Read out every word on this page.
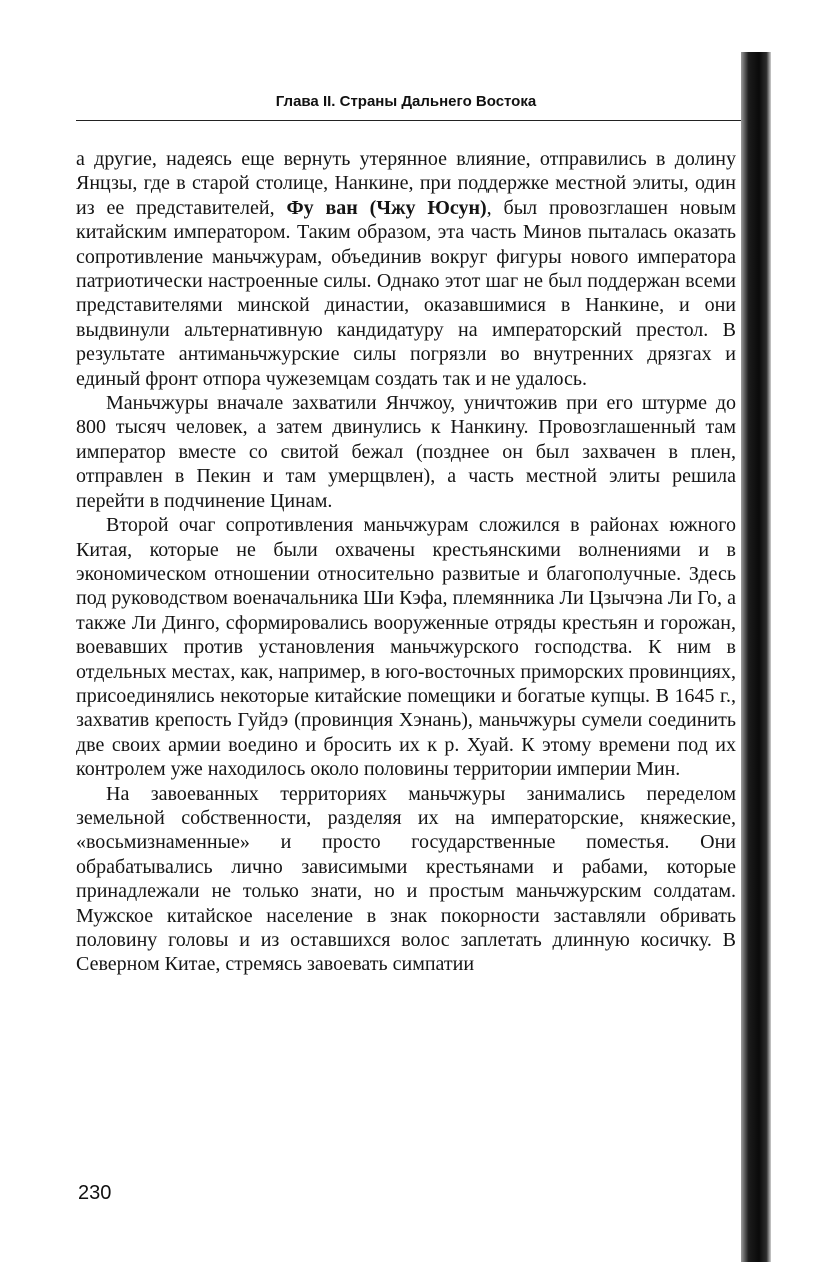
Глава II. Страны Дальнего Востока

а другие, надеясь еще вернуть утерянное влияние, отправились в долину Янцзы, где в старой столице, Нанкине, при поддержке местной элиты, один из ее представителей, Фу ван (Чжу Юсун), был провозглашен новым китайским императором. Таким образом, эта часть Минов пыталась оказать сопротивление маньчжурам, объединив вокруг фигуры нового императора патриотически настроенные силы. Однако этот шаг не был поддержан всеми представителями минской династии, оказавшимися в Нанкине, и они выдвинули альтернативную кандидатуру на императорский престол. В результате антиманьчжурские силы погрязли во внутренних дрязгах и единый фронт отпора чужеземцам создать так и не удалось.

Маньчжуры вначале захватили Янчжоу, уничтожив при его штурме до 800 тысяч человек, а затем двинулись к Нанкину. Провозглашенный там император вместе со свитой бежал (позднее он был захвачен в плен, отправлен в Пекин и там умерщвлен), а часть местной элиты решила перейти в подчинение Цинам.

Второй очаг сопротивления маньчжурам сложился в районах южного Китая, которые не были охвачены крестьянскими волнениями и в экономическом отношении относительно развитые и благополучные. Здесь под руководством военачальника Ши Кэфа, племянника Ли Цзычэна Ли Го, а также Ли Динго, сформировались вооруженные отряды крестьян и горожан, воевавших против установления маньчжурского господства. К ним в отдельных местах, как, например, в юго-восточных приморских провинциях, присоединялись некоторые китайские помещики и богатые купцы. В 1645 г., захватив крепость Гуйдэ (провинция Хэнань), маньчжуры сумели соединить две своих армии воедино и бросить их к р. Хуай. К этому времени под их контролем уже находилось около половины территории империи Мин.

На завоеванных территориях маньчжуры занимались переделом земельной собственности, разделяя их на императорские, княжеские, «восьмизнаменные» и просто государственные поместья. Они обрабатывались лично зависимыми крестьянами и рабами, которые принадлежали не только знати, но и простым маньчжурским солдатам. Мужское китайское население в знак покорности заставляли обривать половину головы и из оставшихся волос заплетать длинную косичку. В Северном Китае, стремясь завоевать симпатии

230
